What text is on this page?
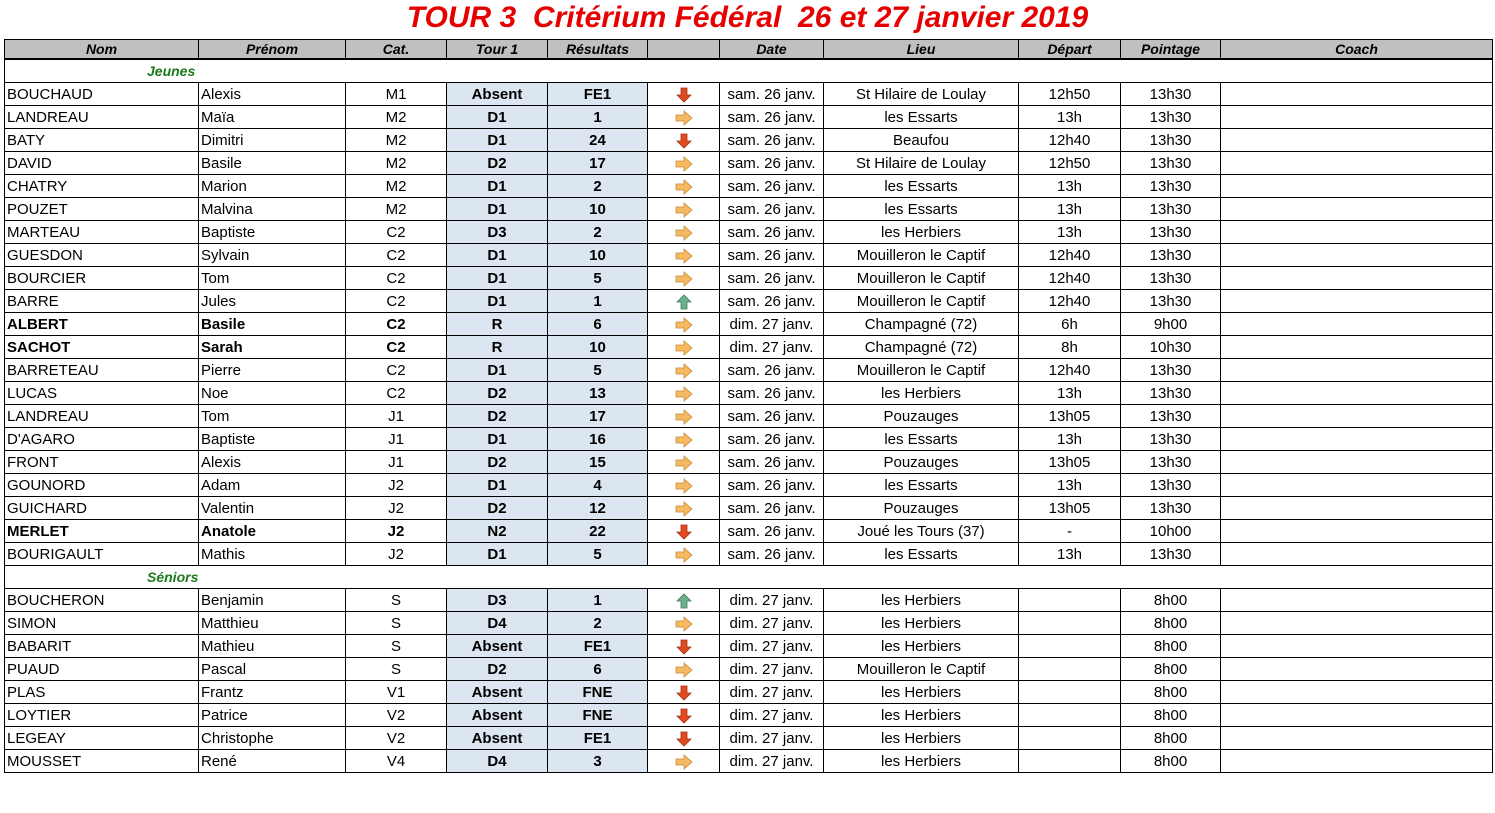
TOUR 3 Critérium Fédéral 26 et 27 janvier 2019
Nom	Prénom	Cat.	Tour 1	Résultats		Date	Lieu	Départ	Pointage	Coach
Jeunes										
BOUCHAUD	Alexis	M1	Absent	FE1		sam. 26 janv.	St Hilaire de Loulay	12h50	13h30	
LANDREAU	Maïa	M2	D1	1		sam. 26 janv.	les Essarts	13h	13h30	
BATY	Dimitri	M2	D1	24		sam. 26 janv.	Beaufou	12h40	13h30	
DAVID	Basile	M2	D2	17		sam. 26 janv.	St Hilaire de Loulay	12h50	13h30	
CHATRY	Marion	M2	D1	2		sam. 26 janv.	les Essarts	13h	13h30	
POUZET	Malvina	M2	D1	10		sam. 26 janv.	les Essarts	13h	13h30	
MARTEAU	Baptiste	C2	D3	2		sam. 26 janv.	les Herbiers	13h	13h30	
GUESDON	Sylvain	C2	D1	10		sam. 26 janv.	Mouilleron le Captif	12h40	13h30	
BOURCIER	Tom	C2	D1	5		sam. 26 janv.	Mouilleron le Captif	12h40	13h30	
BARRE	Jules	C2	D1	1		sam. 26 janv.	Mouilleron le Captif	12h40	13h30	
ALBERT	Basile	C2	R	6		dim. 27 janv.	Champagné (72)	6h	9h00	
SACHOT	Sarah	C2	R	10		dim. 27 janv.	Champagné (72)	8h	10h30	
BARRETEAU	Pierre	C2	D1	5		sam. 26 janv.	Mouilleron le Captif	12h40	13h30	
LUCAS	Noe	C2	D2	13		sam. 26 janv.	les Herbiers	13h	13h30	
LANDREAU	Tom	J1	D2	17		sam. 26 janv.	Pouzauges	13h05	13h30	
D'AGARO	Baptiste	J1	D1	16		sam. 26 janv.	les Essarts	13h	13h30	
FRONT	Alexis	J1	D2	15		sam. 26 janv.	Pouzauges	13h05	13h30	
GOUNORD	Adam	J2	D1	4		sam. 26 janv.	les Essarts	13h	13h30	
GUICHARD	Valentin	J2	D2	12		sam. 26 janv.	Pouzauges	13h05	13h30	
MERLET	Anatole	J2	N2	22		sam. 26 janv.	Joué les Tours (37)	-	10h00	
BOURIGAULT	Mathis	J2	D1	5		sam. 26 janv.	les Essarts	13h	13h30	
Séniors										
BOUCHERON	Benjamin	S	D3	1		dim. 27 janv.	les Herbiers		8h00	
SIMON	Matthieu	S	D4	2		dim. 27 janv.	les Herbiers		8h00	
BABARIT	Mathieu	S	Absent	FE1		dim. 27 janv.	les Herbiers		8h00	
PUAUD	Pascal	S	D2	6		dim. 27 janv.	Mouilleron le Captif		8h00	
PLAS	Frantz	V1	Absent	FNE		dim. 27 janv.	les Herbiers		8h00	
LOYTIER	Patrice	V2	Absent	FNE		dim. 27 janv.	les Herbiers		8h00	
LEGEAY	Christophe	V2	Absent	FE1		dim. 27 janv.	les Herbiers		8h00	
MOUSSET	René	V4	D4	3		dim. 27 janv.	les Herbiers		8h00	
